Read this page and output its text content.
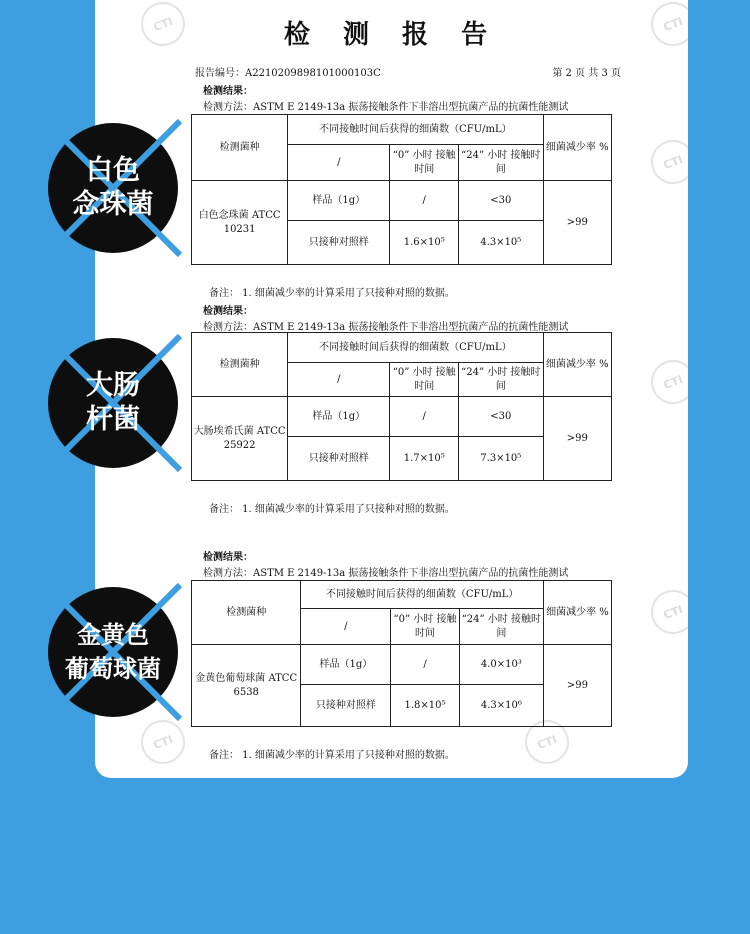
CTI	CTI
CTI
CTI
CTI
CTI	CTI
检 测 报 告
报告编号：A2210209898101000103C	第 2 页 共 3 页
检测结果：
检测方法：ASTM E 2149-13a 振荡接触条件下非溶出型抗菌产品的抗菌性能测试
检测菌种	不同接触时间后获得的细菌数（CFU/mL）			细菌减少率 %
	/	“0” 小时 接触时间	“24” 小时 接触时间	
白色念珠菌 ATCC 10231	样品（1g）	/	<30	>99
	只接种对照样	1.6×10⁵	4.3×10⁵	
备注： 1. 细菌减少率的计算采用了只接种对照的数据。
检测结果：
检测方法：ASTM E 2149-13a 振荡接触条件下非溶出型抗菌产品的抗菌性能测试
检测菌种	不同接触时间后获得的细菌数（CFU/mL）			细菌减少率 %
	/	“0” 小时 接触时间	“24” 小时 接触时间	
大肠埃希氏菌 ATCC 25922	样品（1g）	/	<30	>99
	只接种对照样	1.7×10⁵	7.3×10⁵	
备注： 1. 细菌减少率的计算采用了只接种对照的数据。
检测结果：
检测方法：ASTM E 2149-13a 振荡接触条件下非溶出型抗菌产品的抗菌性能测试
检测菌种	不同接触时间后获得的细菌数（CFU/mL）			细菌减少率 %
	/	“0” 小时 接触时间	“24” 小时 接触时间	
金黄色葡萄球菌 ATCC 6538	样品（1g）	/	4.0×10³	>99
	只接种对照样	1.8×10⁵	4.3×10⁶	
备注： 1. 细菌减少率的计算采用了只接种对照的数据。
白色
念珠菌
大肠
杆菌
金黄色
葡萄球菌
